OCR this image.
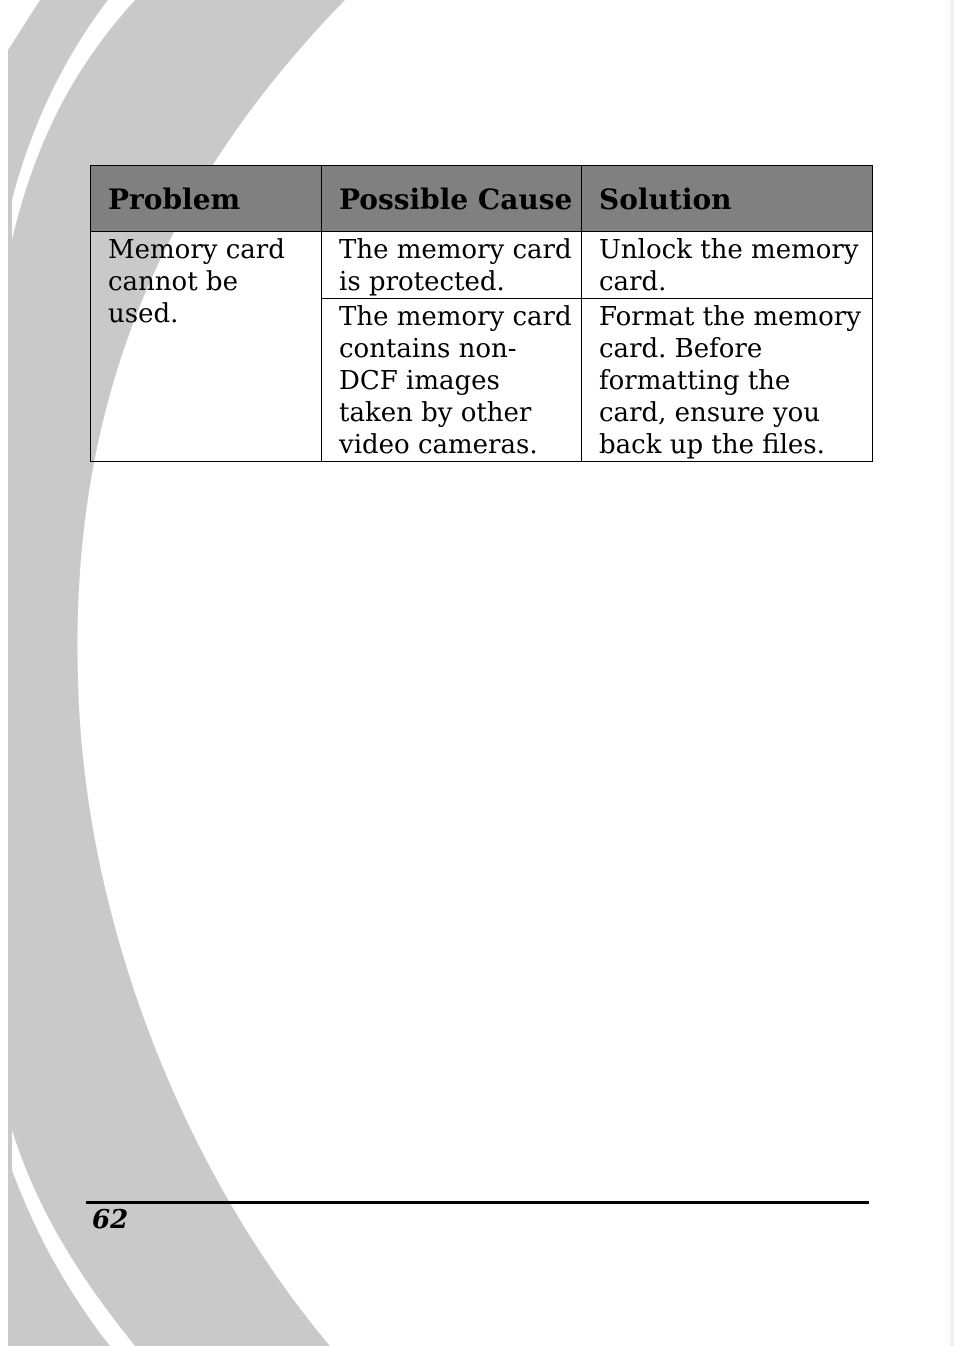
Problem	Possible Cause	Solution
Memory card cannot be used.	The memory card is protected.	Unlock the memory card.
	The memory card contains non-DCF images taken by other video cameras.	Format the memory card. Before formatting the card, ensure you back up the files.
62
